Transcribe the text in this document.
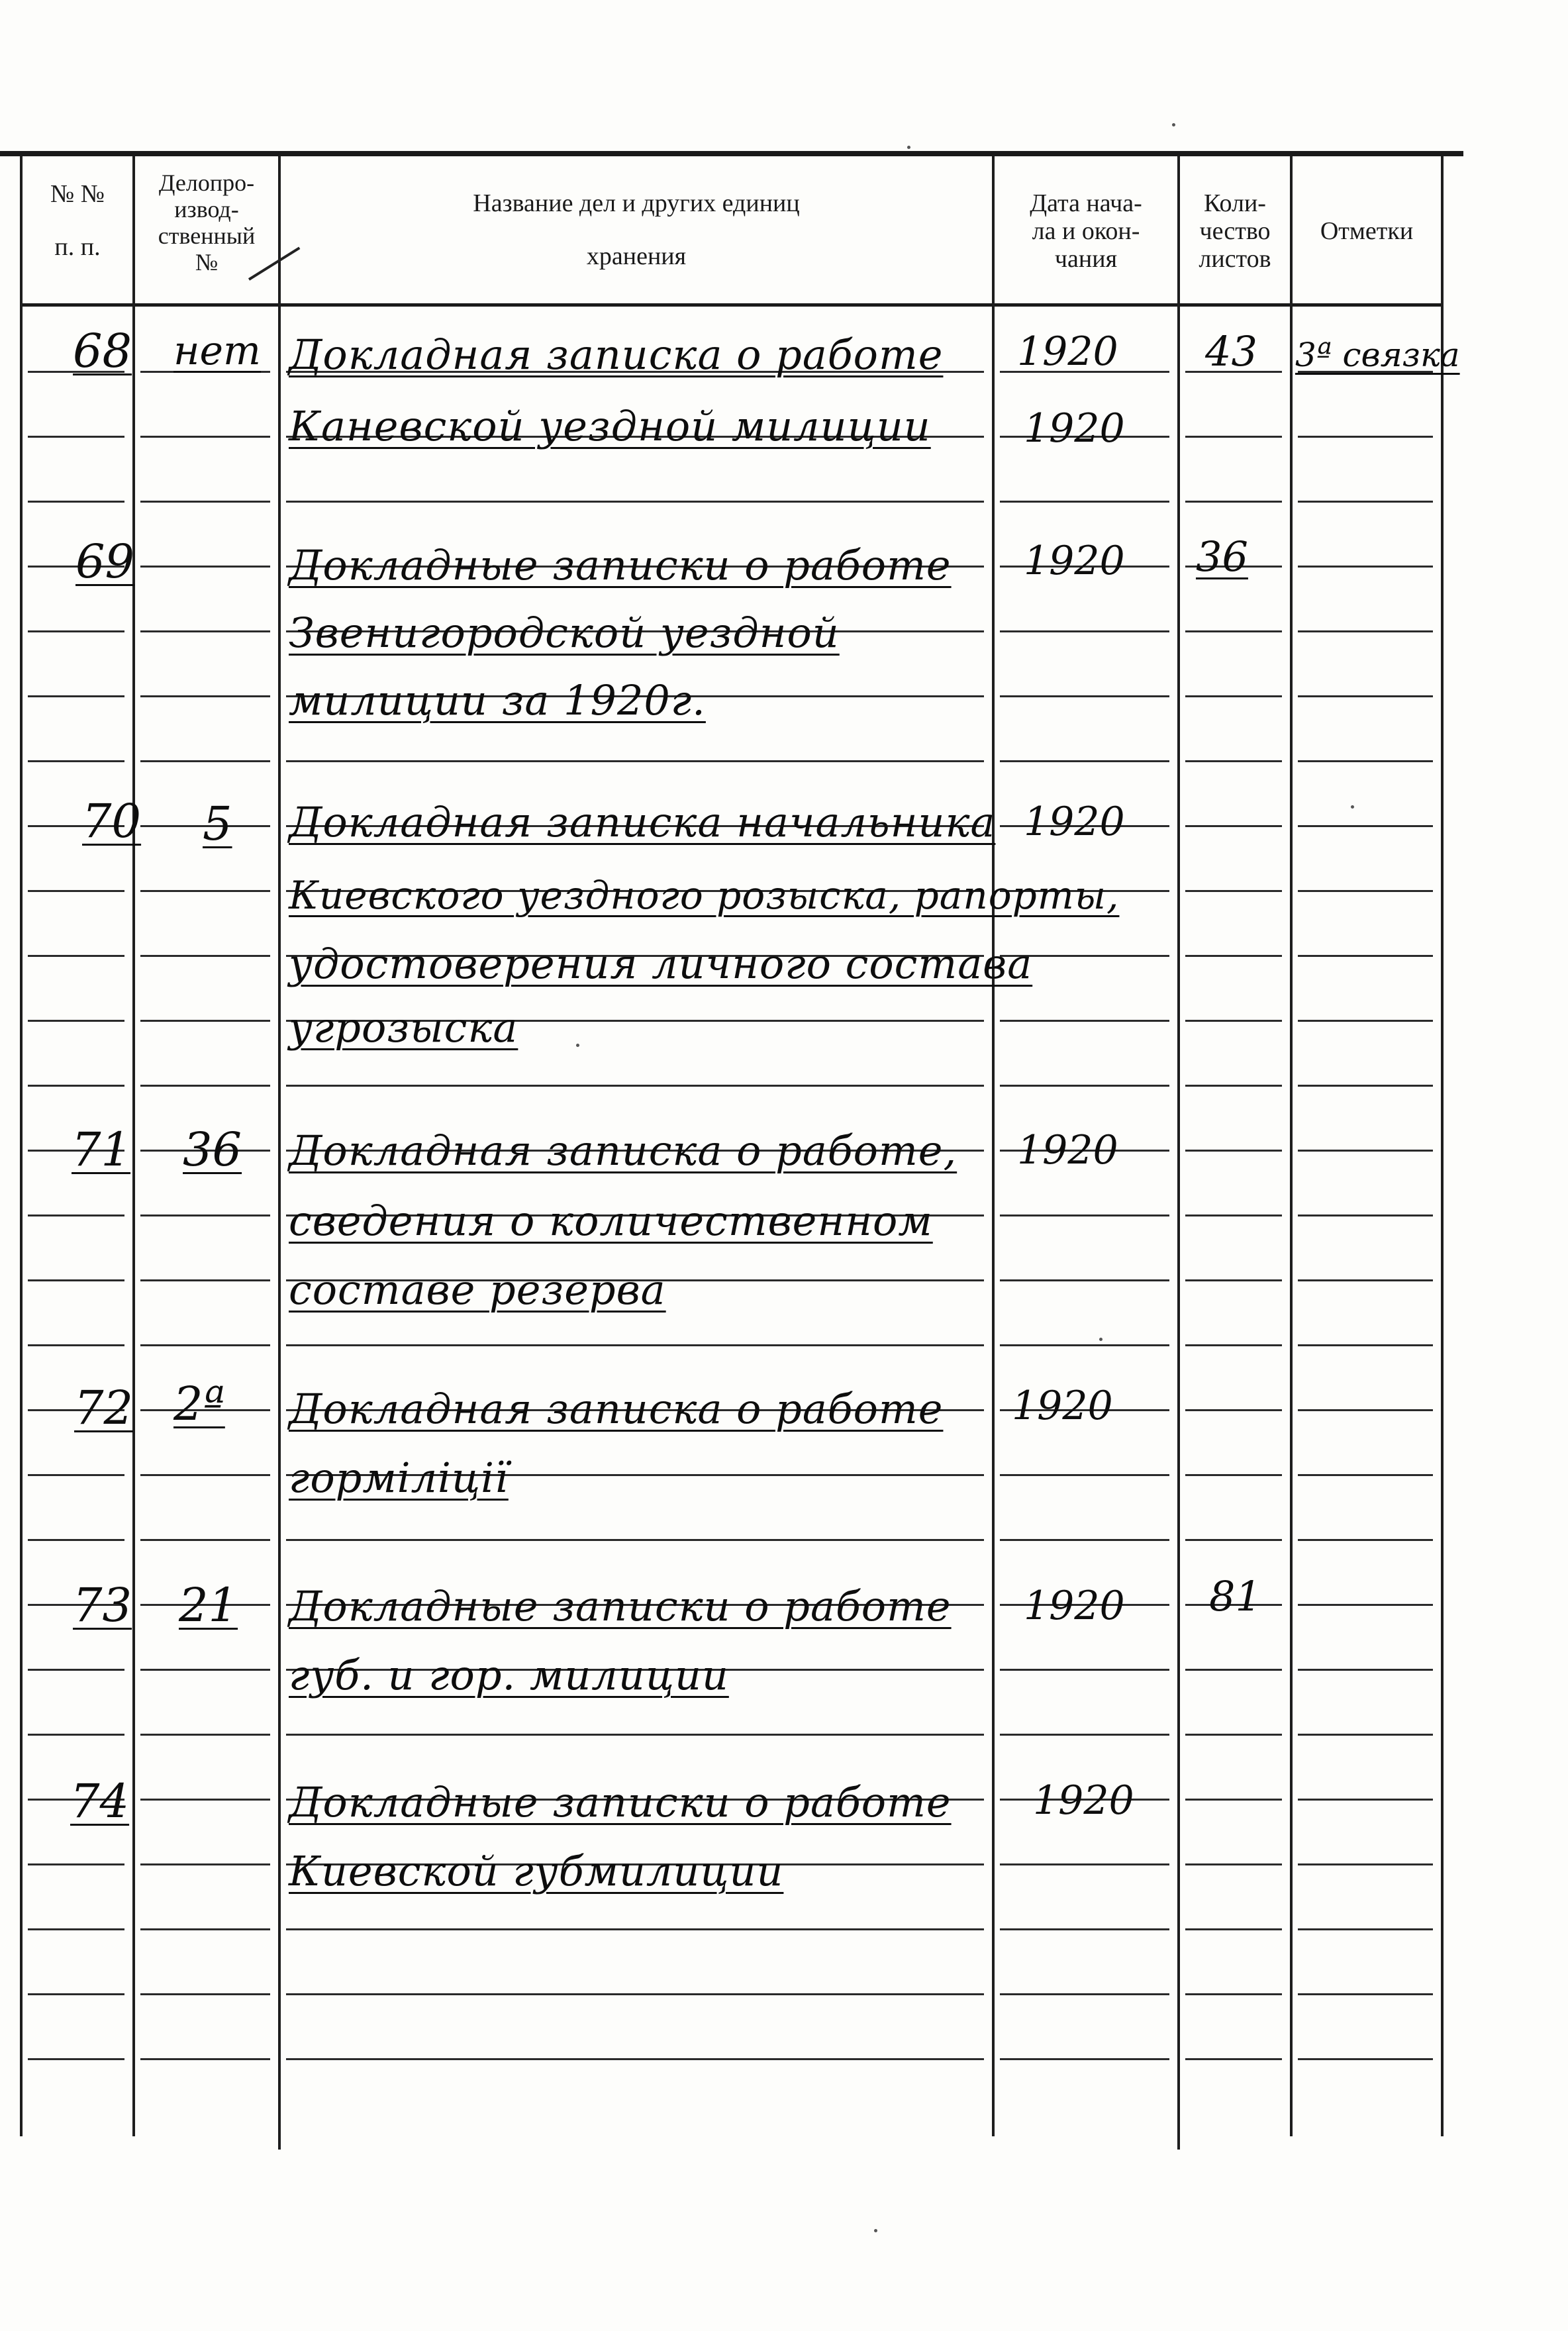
№ №
п. п.
Делопро-
извод-
ственный
№
Название дел и других единиц
хранения
Дата нача-
ла и окон-
чания
Коли-
чество
листов
Отметки
68 нет Докладная записка о работе
Каневской уездной милиции
1920
1920
43 3ª связка
69	Докладные записки о работе
Звенигородской уездной
милиции за 1920г.
1920 36
70 5 Докладная записка начальника
Киевского уездного розыска, рапорты,
удостоверения личного состава
угрозыска
1920
71 36 Докладная записка о работе,
сведения о количественном
составе резерва
1920
72 2ª Докладная записка о работе
горміліції
1920
73 21 Докладные записки о работе
губ. и гор. милиции
1920 81
74	Докладные записки о работе
Киевской губмилиции
1920
